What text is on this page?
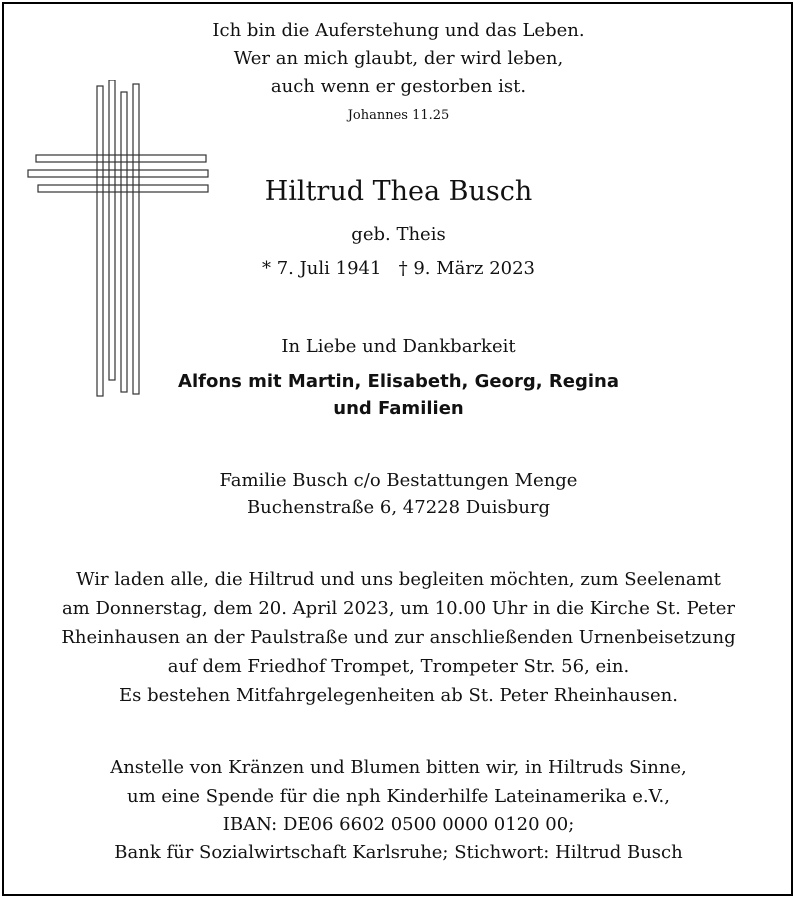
Ich bin die Auferstehung und das Leben.
Wer an mich glaubt, der wird leben,
auch wenn er gestorben ist.
Johannes 11.25
Hiltrud Thea Busch
geb. Theis
* 7. Juli 1941   † 9. März 2023
In Liebe und Dankbarkeit
Alfons mit Martin, Elisabeth, Georg, Regina
und Familien
Familie Busch c/o Bestattungen Menge
Buchenstraße 6, 47228 Duisburg
Wir laden alle, die Hiltrud und uns begleiten möchten, zum Seelenamt
am Donnerstag, dem 20. April 2023, um 10.00 Uhr in die Kirche St. Peter
Rheinhausen an der Paulstraße und zur anschließenden Urnenbeisetzung
auf dem Friedhof Trompet, Trompeter Str. 56, ein.
Es bestehen Mitfahrgelegenheiten ab St. Peter Rheinhausen.
Anstelle von Kränzen und Blumen bitten wir, in Hiltruds Sinne,
um eine Spende für die nph Kinderhilfe Lateinamerika e.V.,
IBAN: DE06 6602 0500 0000 0120 00;
Bank für Sozialwirtschaft Karlsruhe; Stichwort: Hiltrud Busch
